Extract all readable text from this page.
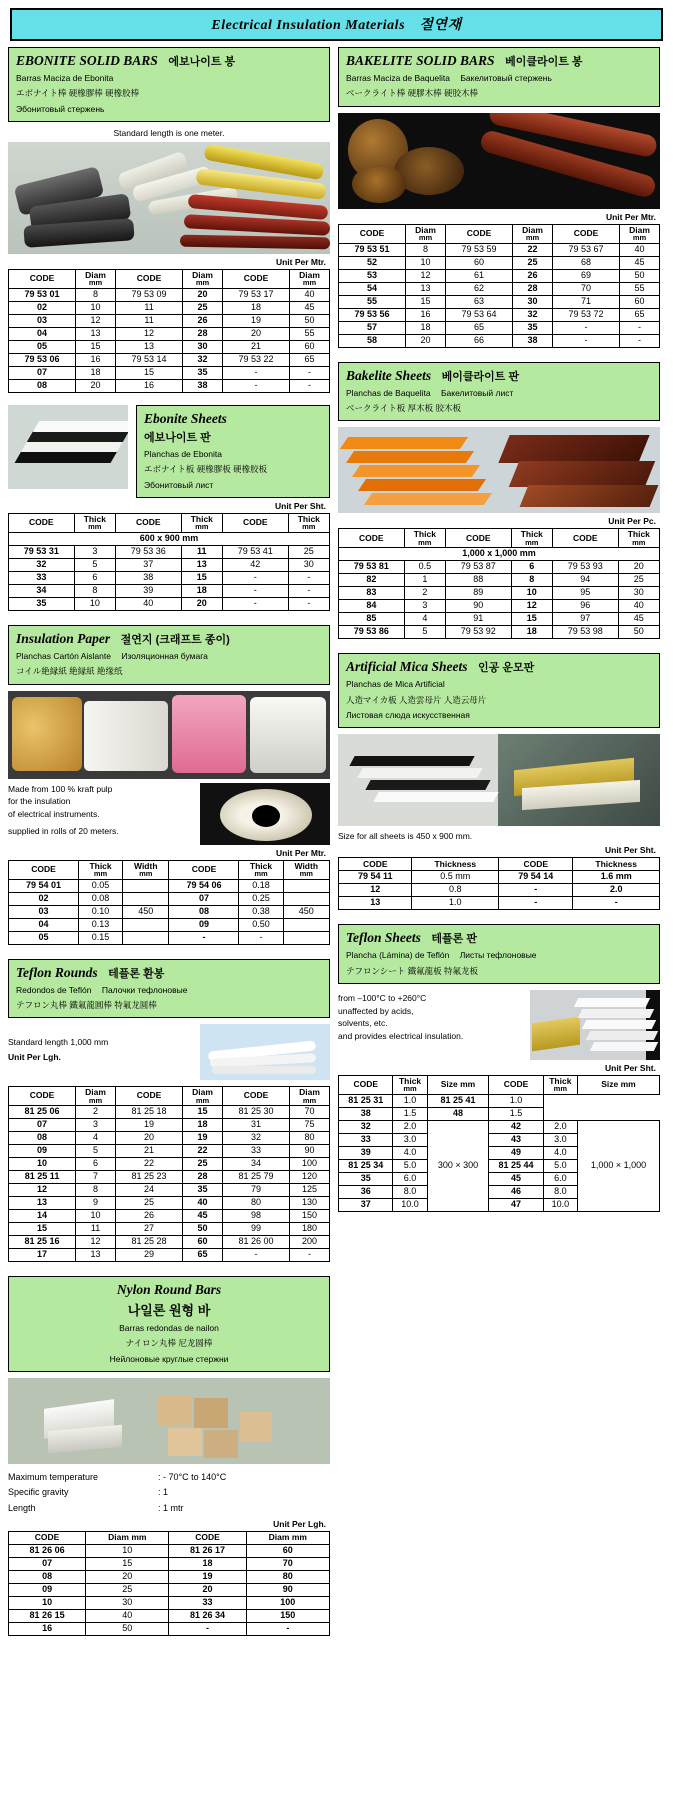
Electrical Insulation Materials 절연재
EBONITE SOLID BARS 에보나이트 봉
Barras Maciza de Ebonita
エボナイト棒 硬橡膠棒 硬橡胶棒
Эбонитовый стержень
Standard length is one meter.
Unit Per Mtr.
CODE	Diam
mm	CODE	Diam
mm	CODE	Diam
mm

79 53 01	8	79 53 09	20	79 53 17	40
02	10	11	25	18	45
03	12	11	26	19	50
04	13	12	28	20	55
05	15	13	30	21	60
79 53 06	16	79 53 14	32	79 53 22	65
07	18	15	35	-	-
08	20	16	38	-	-
Ebonite Sheets
에보나이트 판
Planchas de Ebonita
エボナイト板 硬橡膠板 硬橡胶板
Эбонитовый лист
Unit Per Sht.
CODE	Thick
mm	CODE	Thick
mm	CODE	Thick
mm

600 x 900 mm					
79 53 31	3	79 53 36	11	79 53 41	25
32	5	37	13	42	30
33	6	38	15	-	-
34	8	39	18	-	-
35	10	40	20	-	-
Insulation Paper 절연지 (크래프트 종이)
Planchas Cartón Aislante Изоляционная бумага
コイル絶縁紙 絶縁紙 絶缘纸
Made from 100 % kraft pulp
for the insulation
of electrical instruments.
supplied in rolls of 20 meters.
Unit Per Mtr.
CODE	Thick
mm	Width
mm	CODE	Thick
mm	Width
mm

79 54 01	0.05		79 54 06	0.18	
02	0.08		07	0.25	
03	0.10	450	08	0.38	450
04	0.13		09	0.50	
05	0.15		-	-	
Teflon Rounds 테플론 환봉
Redondos de Teflón Палочки тефлоновые
テフロン丸棒 鐵氟龍圓棒 特氟龙圆棒
Standard length 1,000 mm
Unit Per Lgh.
CODE	Diam
mm	CODE	Diam
mm	CODE	Diam
mm

81 25 06	2	81 25 18	15	81 25 30	70
07	3	19	18	31	75
08	4	20	19	32	80
09	5	21	22	33	90
10	6	22	25	34	100
81 25 11	7	81 25 23	28	81 25 79	120
12	8	24	35	79	125
13	9	25	40	80	130
14	10	26	45	98	150
15	11	27	50	99	180
81 25 16	12	81 25 28	60	81 26 00	200
17	13	29	65	-	-
Nylon Round Bars
나일론 원형 바
Barras redondas de nailon
ナイロン丸棒 尼龙圆棒
Нейлоновые круглые стержни
Maximum temperature	: - 70°C to 140°C
Specific gravity	: 1
Length	: 1 mtr
Unit Per Lgh.
CODE	Diam mm	CODE	Diam mm
81 26 06	10	81 26 17	60
07	15	18	70
08	20	19	80
09	25	20	90
10	30	33	100
81 26 15	40	81 26 34	150
16	50	-	-
BAKELITE SOLID BARS 베이클라이트 봉
Barras Maciza de Baquelita Бакелитовый стержень
ベークライト棒 硬膠木棒 硬胶木棒
Unit Per Mtr.
CODE	Diam
mm	CODE	Diam
mm	CODE	Diam
mm

79 53 51	8	79 53 59	22	79 53 67	40
52	10	60	25	68	45
53	12	61	26	69	50
54	13	62	28	70	55
55	15	63	30	71	60
79 53 56	16	79 53 64	32	79 53 72	65
57	18	65	35	-	-
58	20	66	38	-	-
Bakelite Sheets 베이클라이트 판
Planchas de Baquelita Бакелитовый лист
ベークライト板 厚木板 胶木板
Unit Per Pc.
CODE	Thick
mm	CODE	Thick
mm	CODE	Thick
mm

1,000 x 1,000 mm					
79 53 81	0.5	79 53 87	6	79 53 93	20
82	1	88	8	94	25
83	2	89	10	95	30
84	3	90	12	96	40
85	4	91	15	97	45
79 53 86	5	79 53 92	18	79 53 98	50
Artificial Mica Sheets 인공 운모판
Planchas de Mica Artificial
人造マイカ板 人造雲母片 人造云母片
Листовая слюда искусственная
Size for all sheets is 450 x 900 mm.
Unit Per Sht.
CODE	Thickness	CODE	Thickness
79 54 11	0.5 mm	79 54 14	1.6 mm
12	0.8	-	2.0
13	1.0	-	-
Teflon Sheets 테플론 판
Plancha (Lámina) de Teflón Листы тефлоновые
テフロンシート 鐵氟龍板 特氟龙板
from –100°C to +260°C
unaffected by acids,
solvents, etc.
and provides electrical insulation.
Unit Per Sht.
CODE	Thick
mm	Size mm	CODE	Thick
mm	Size mm
81 25 31	1.0	81 25 41	1.0		
38	1.5	48	1.5		
32	2.0	300 × 300	42	2.0	1,000 × 1,000
33	3.0		43	3.0	
39	4.0		49	4.0	
81 25 34	5.0		81 25 44	5.0	
35	6.0		45	6.0	
36	8.0		46	8.0	
37	10.0		47	10.0	
